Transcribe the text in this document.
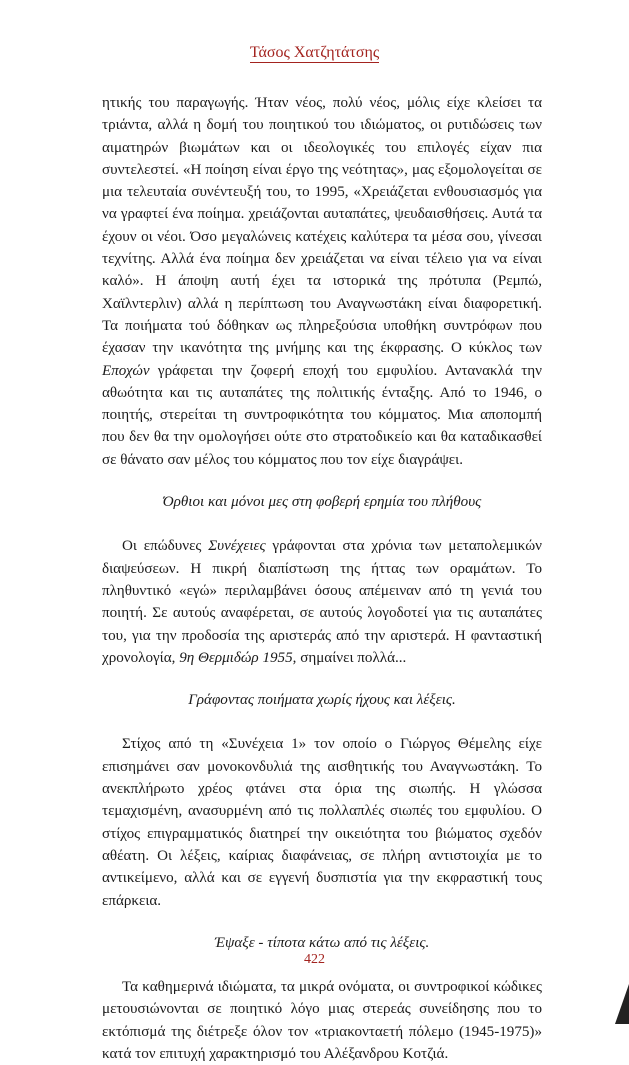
Τάσος Χατζητάτσης

ητικής του παραγωγής. Ήταν νέος, πολύ νέος, μόλις είχε κλείσει τα τριάντα, αλλά η δομή του ποιητικού του ιδιώματος, οι ρυτιδώσεις των αιματηρών βιωμάτων και οι ιδεολογικές του επιλογές είχαν πια συντελεστεί. «Η ποίηση είναι έργο της νεότητας», μας εξομολογείται σε μια τελευταία συνέντευξή του, το 1995, «Χρειάζεται ενθουσιασμός για να γραφτεί ένα ποίημα. χρειάζονται αυταπάτες, ψευδαισθήσεις. Αυτά τα έχουν οι νέοι. Όσο μεγαλώνεις κατέχεις καλύτερα τα μέσα σου, γίνεσαι τεχνίτης. Αλλά ένα ποίημα δεν χρειάζεται να είναι τέλειο για να είναι καλό». Η άποψη αυτή έχει τα ιστορικά της πρότυπα (Ρεμπώ, Χαϊλντερλιν) αλλά η περίπτωση του Αναγνωστάκη είναι διαφορετική. Τα ποιήματα τού δόθηκαν ως πληρεξούσια υποθήκη συντρόφων που έχασαν την ικανότητα της μνήμης και της έκφρασης. Ο κύκλος των Εποχών γράφεται την ζοφερή εποχή του εμφυλίου. Αντανακλά την αθωότητα και τις αυταπάτες της πολιτικής ένταξης. Από το 1946, ο ποιητής, στερείται τη συντροφικότητα του κόμματος. Μια αποπομπή που δεν θα την ομολογήσει ούτε στο στρατοδικείο και θα καταδικασθεί σε θάνατο σαν μέλος του κόμματος που τον είχε διαγράψει.

Όρθιοι και μόνοι μες στη φοβερή ερημία του πλήθους

Οι επώδυνες Συνέχειες γράφονται στα χρόνια των μεταπολεμικών διαψεύσεων. Η πικρή διαπίστωση της ήττας των οραμάτων. Το πληθυντικό «εγώ» περιλαμβάνει όσους απέμειναν από τη γενιά του ποιητή. Σε αυτούς αναφέρεται, σε αυτούς λογοδοτεί για τις αυταπάτες του, για την προδοσία της αριστεράς από την αριστερά. Η φανταστική χρονολογία, 9η Θερμιδώρ 1955, σημαίνει πολλά...

Γράφοντας ποιήματα χωρίς ήχους και λέξεις.

Στίχος από τη «Συνέχεια 1» τον οποίο ο Γιώργος Θέμελης είχε επισημάνει σαν μονοκονδυλιά της αισθητικής του Αναγνωστάκη. Το ανεκπλήρωτο χρέος φτάνει στα όρια της σιωπής. Η γλώσσα τεμαχισμένη, ανασυρμένη από τις πολλαπλές σιωπές του εμφυλίου. Ο στίχος επιγραμματικός διατηρεί την οικειότητα του βιώματος σχεδόν αθέατη. Οι λέξεις, καίριας διαφάνειας, σε πλήρη αντιστοιχία με το αντικείμενο, αλλά και σε εγγενή δυσπιστία για την εκφραστική τους επάρκεια.

Έψαξε - τίποτα κάτω από τις λέξεις.

Τα καθημερινά ιδιώματα, τα μικρά ονόματα, οι συντροφικοί κώδικες μετουσιώνονται σε ποιητικό λόγο μιας στερεάς συνείδησης που το εκτόπισμά της διέτρεξε όλον τον «τριακονταετή πόλεμο (1945-1975)» κατά τον επιτυχή χαρακτηρισμό του Αλέξανδρου Κοτζιά.

422
